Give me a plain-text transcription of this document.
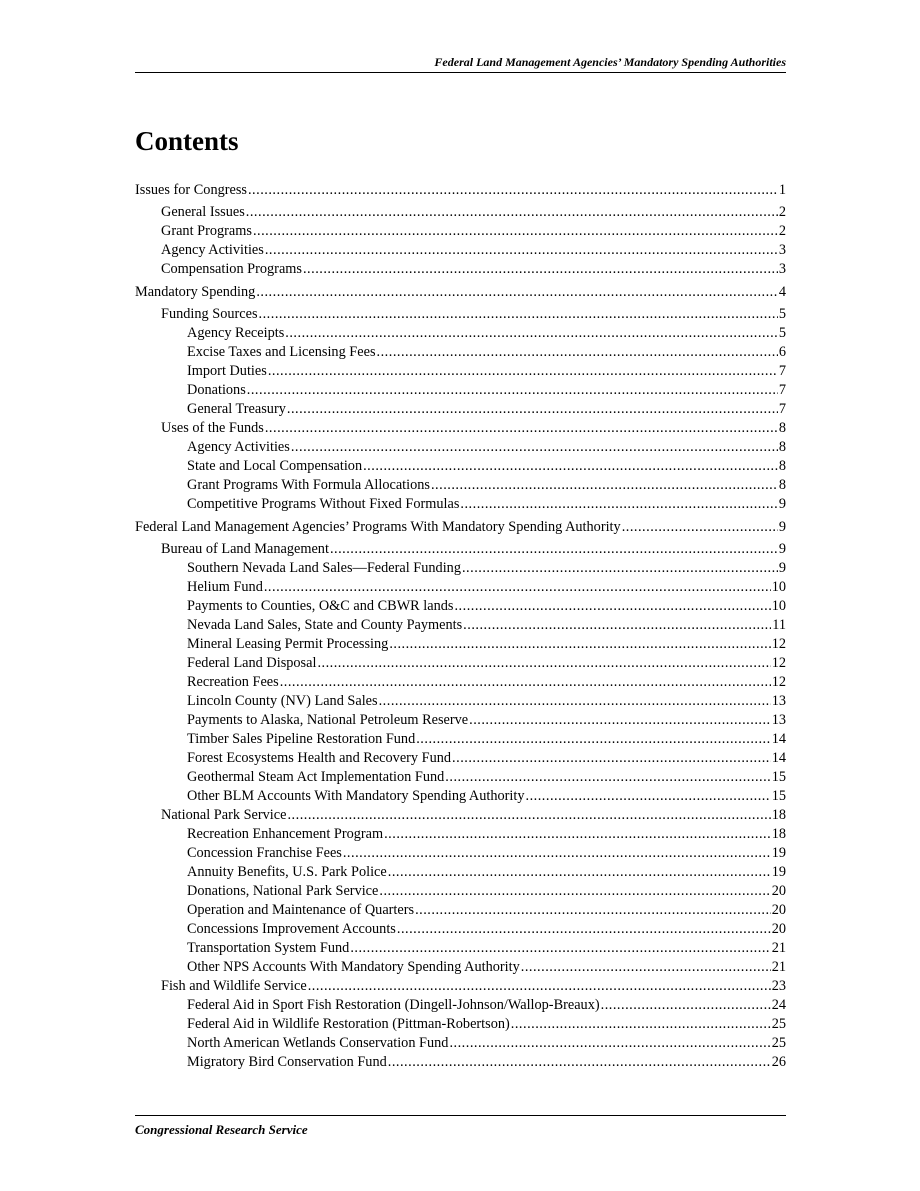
Federal Land Management Agencies’ Mandatory Spending Authorities
Contents
Issues for Congress .....	1
General Issues .....	2
Grant Programs .....	2
Agency Activities .....	3
Compensation Programs .....	3
Mandatory Spending .....	4
Funding Sources .....	5
Agency Receipts .....	5
Excise Taxes and Licensing Fees .....	6
Import Duties .....	7
Donations .....	7
General Treasury .....	7
Uses of the Funds .....	8
Agency Activities .....	8
State and Local Compensation .....	8
Grant Programs With Formula Allocations .....	8
Competitive Programs Without Fixed Formulas .....	9
Federal Land Management Agencies’ Programs With Mandatory Spending Authority .....	9
Bureau of Land Management .....	9
Southern Nevada Land Sales—Federal Funding .....	9
Helium Fund .....	10
Payments to Counties, O&C and CBWR lands .....	10
Nevada Land Sales, State and County Payments .....	11
Mineral Leasing Permit Processing .....	12
Federal Land Disposal .....	12
Recreation Fees .....	12
Lincoln County (NV) Land Sales .....	13
Payments to Alaska, National Petroleum Reserve .....	13
Timber Sales Pipeline Restoration Fund .....	14
Forest Ecosystems Health and Recovery Fund .....	14
Geothermal Steam Act Implementation Fund .....	15
Other BLM Accounts With Mandatory Spending Authority .....	15
National Park Service .....	18
Recreation Enhancement Program .....	18
Concession Franchise Fees .....	19
Annuity Benefits, U.S. Park Police .....	19
Donations, National Park Service .....	20
Operation and Maintenance of Quarters .....	20
Concessions Improvement Accounts .....	20
Transportation System Fund .....	21
Other NPS Accounts With Mandatory Spending Authority .....	21
Fish and Wildlife Service .....	23
Federal Aid in Sport Fish Restoration (Dingell-Johnson/Wallop-Breaux) .....	24
Federal Aid in Wildlife Restoration (Pittman-Robertson) .....	25
North American Wetlands Conservation Fund .....	25
Migratory Bird Conservation Fund .....	26
Congressional Research Service
